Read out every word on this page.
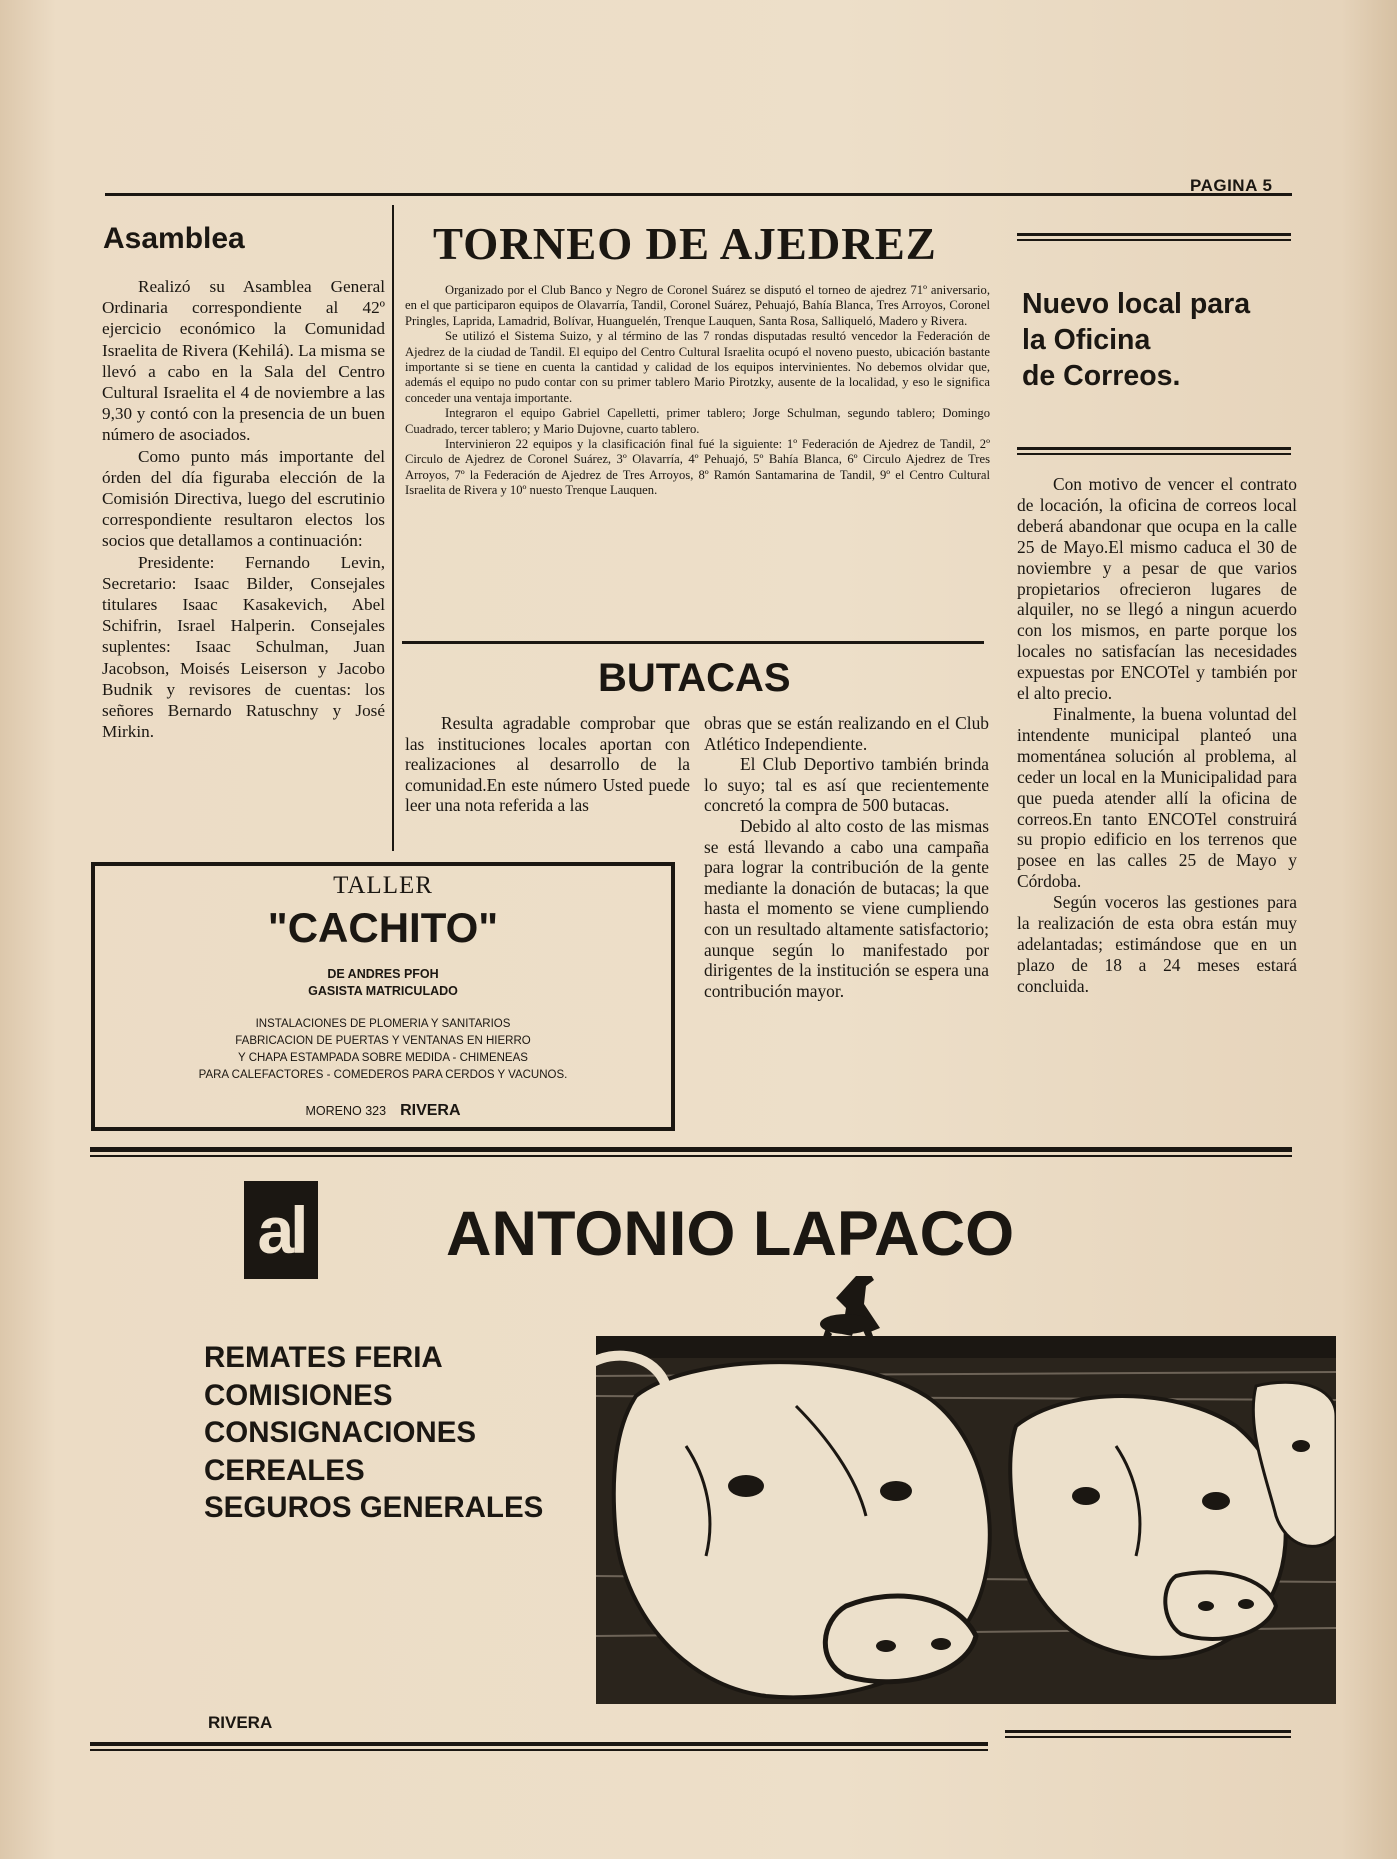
PAGINA 5
Asamblea

Realizó su Asamblea General Ordinaria correspondiente al 42º ejercicio económico la Comunidad Israelita de Rivera (Kehilá). La misma se llevó a cabo en la Sala del Centro Cultural Israelita el 4 de noviembre a las 9,30 y contó con la presencia de un buen número de asociados.

Como punto más importante del órden del día figuraba elección de la Comisión Directiva, luego del escrutinio correspondiente resultaron electos los socios que detallamos a continuación:

Presidente: Fernando Levin, Secretario: Isaac Bilder, Consejales titulares Isaac Kasakevich, Abel Schifrin, Israel Halperin. Consejales suplentes: Isaac Schulman, Juan Jacobson, Moisés Leiserson y Jacobo Budnik y revisores de cuentas: los señores Bernardo Ratuschny y José Mirkin.

TORNEO DE AJEDREZ

Organizado por el Club Banco y Negro de Coronel Suárez se disputó el torneo de ajedrez 71º aniversario, en el que participaron equipos de Olavarría, Tandil, Coronel Suárez, Pehuajó, Bahía Blanca, Tres Arroyos, Coronel Pringles, Laprida, Lamadrid, Bolívar, Huanguelén, Trenque Lauquen, Santa Rosa, Salliqueló, Madero y Rivera.

Se utilizó el Sistema Suizo, y al término de las 7 rondas disputadas resultó vencedor la Federación de Ajedrez de la ciudad de Tandil. El equipo del Centro Cultural Israelita ocupó el noveno puesto, ubicación bastante importante si se tiene en cuenta la cantidad y calidad de los equipos intervinientes. No debemos olvidar que, además el equipo no pudo contar con su primer tablero Mario Pirotzky, ausente de la localidad, y eso le significa conceder una ventaja importante.

Integraron el equipo Gabriel Capelletti, primer tablero; Jorge Schulman, segundo tablero; Domingo Cuadrado, tercer tablero; y Mario Dujovne, cuarto tablero.

Intervinieron 22 equipos y la clasificación final fué la siguiente: 1º Federación de Ajedrez de Tandil, 2º Circulo de Ajedrez de Coronel Suárez, 3º Olavarría, 4º Pehuajó, 5º Bahía Blanca, 6º Circulo Ajedrez de Tres Arroyos, 7º la Federación de Ajedrez de Tres Arroyos, 8º Ramón Santamarina de Tandil, 9º el Centro Cultural Israelita de Rivera y 10º nuesto Trenque Lauquen.

BUTACAS

Resulta agradable comprobar que las instituciones locales aportan con realizaciones al desarrollo de la comunidad.En este número Usted puede leer una nota referida a las

obras que se están realizando en el Club Atlético Independiente.

El Club Deportivo también brinda lo suyo; tal es así que recientemente concretó la compra de 500 butacas.

Debido al alto costo de las mismas se está llevando a cabo una campaña para lograr la contribución de la gente mediante la donación de butacas; la que hasta el momento se viene cumpliendo con un resultado altamente satisfactorio; aunque según lo manifestado por dirigentes de la institución se espera una contribución mayor.

Nuevo local para
la Oficina
de Correos.

Con motivo de vencer el contrato de locación, la oficina de correos local deberá abandonar que ocupa en la calle 25 de Mayo.El mismo caduca el 30 de noviembre y a pesar de que varios propietarios ofrecieron lugares de alquiler, no se llegó a ningun acuerdo con los mismos, en parte porque los locales no satisfacían las necesidades expuestas por ENCOTel y también por el alto precio.

Finalmente, la buena voluntad del intendente municipal planteó una momentánea solución al problema, al ceder un local en la Municipalidad para que pueda atender allí la oficina de correos.En tanto ENCOTel construirá su propio edificio en los terrenos que posee en las calles 25 de Mayo y Córdoba.

Según voceros las gestiones para la realización de esta obra están muy adelantadas; estimándose que en un plazo de 18 a 24 meses estará concluida.

TALLER
"CACHITO"
DE ANDRES PFOH
GASISTA MATRICULADO
INSTALACIONES DE PLOMERIA Y SANITARIOS
FABRICACION DE PUERTAS Y VENTANAS EN HIERRO
Y CHAPA ESTAMPADA SOBRE MEDIDA - CHIMENEAS
PARA CALEFACTORES - COMEDEROS PARA CERDOS Y VACUNOS.
MORENO 323 RIVERA
al ANTONIO LAPACO
REMATES FERIA
COMISIONES
CONSIGNACIONES
CEREALES
SEGUROS GENERALES
RIVERA
